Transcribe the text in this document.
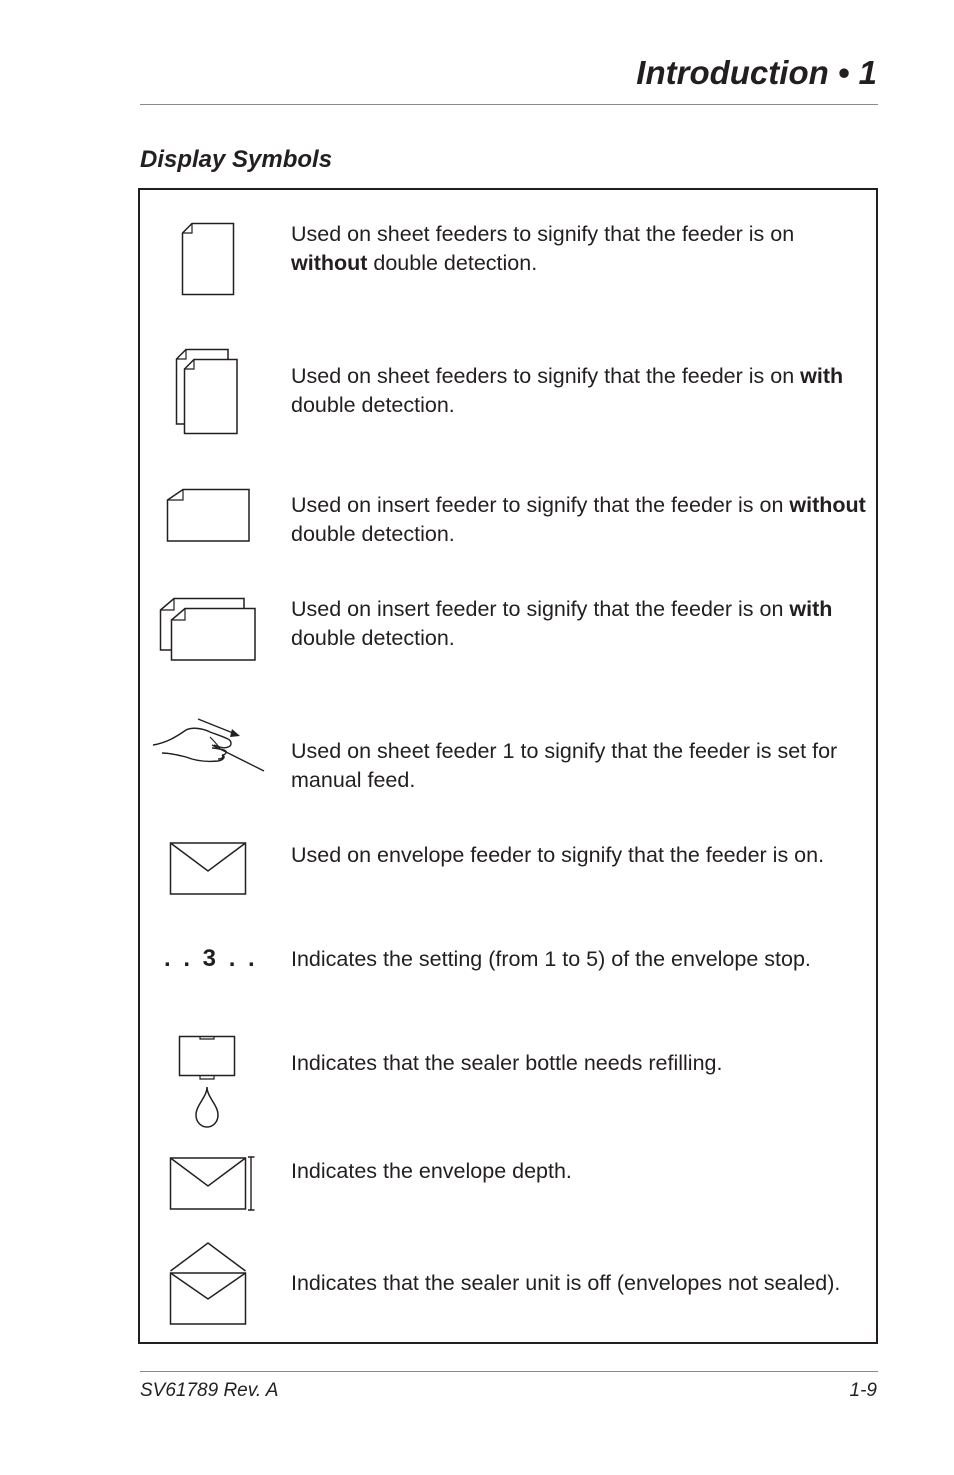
Introduction • 1
Display Symbols
Used on sheet feeders to signify that the feeder is on without double detection.
Used on sheet feeders to signify that the feeder is on with double detection.
Used on insert feeder to signify that the feeder is on without double detection.
Used on insert feeder to signify that the feeder is on with double detection.
Used on sheet feeder 1 to signify that the feeder is set for manual feed.
Used on envelope feeder to signify that the feeder is on.
. . 3 . . Indicates the setting (from 1 to 5) of the envelope stop.
Indicates that the sealer bottle needs refilling.
Indicates the envelope depth.
Indicates that the sealer unit is off (envelopes not sealed).
SV61789 Rev. A	1-9
